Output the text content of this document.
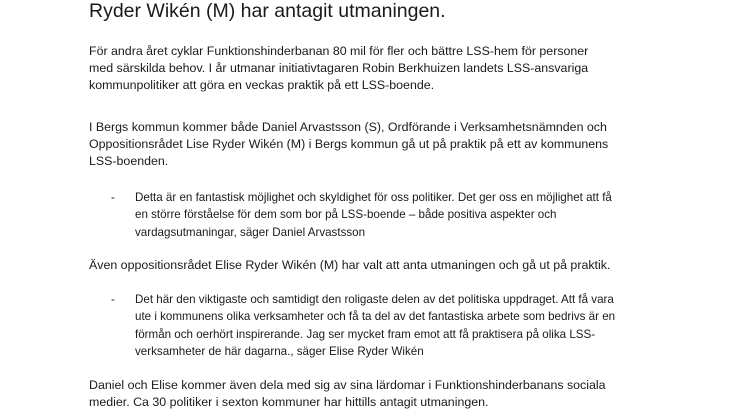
Ryder Wikén (M) har antagit utmaningen.

För andra året cyklar Funktionshinderbanan 80 mil för fler och bättre LSS-hem för personer
med särskilda behov. I år utmanar initiativtagaren Robin Berkhuizen landets LSS-ansvariga
kommunpolitiker att göra en veckas praktik på ett LSS-boende.

I Bergs kommun kommer både Daniel Arvastsson (S), Ordförande i Verksamhetsnämnden och
Oppositionsrådet Lise Ryder Wikén (M) i Bergs kommun gå ut på praktik på ett av kommunens
LSS-boenden.

- Detta är en fantastisk möjlighet och skyldighet för oss politiker. Det ger oss en möjlighet att få
en större förståelse för dem som bor på LSS-boende – både positiva aspekter och
vardagsutmaningar, säger Daniel Arvastsson

Även oppositionsrådet Elise Ryder Wikén (M) har valt att anta utmaningen och gå ut på praktik.

- Det här den viktigaste och samtidigt den roligaste delen av det politiska uppdraget. Att få vara
ute i kommunens olika verksamheter och få ta del av det fantastiska arbete som bedrivs är en
förmån och oerhört inspirerande. Jag ser mycket fram emot att få praktisera på olika LSS-
verksamheter de här dagarna., säger Elise Ryder Wikén

Daniel och Elise kommer även dela med sig av sina lärdomar i Funktionshinderbanans sociala
medier. Ca 30 politiker i sexton kommuner har hittills antagit utmaningen.
